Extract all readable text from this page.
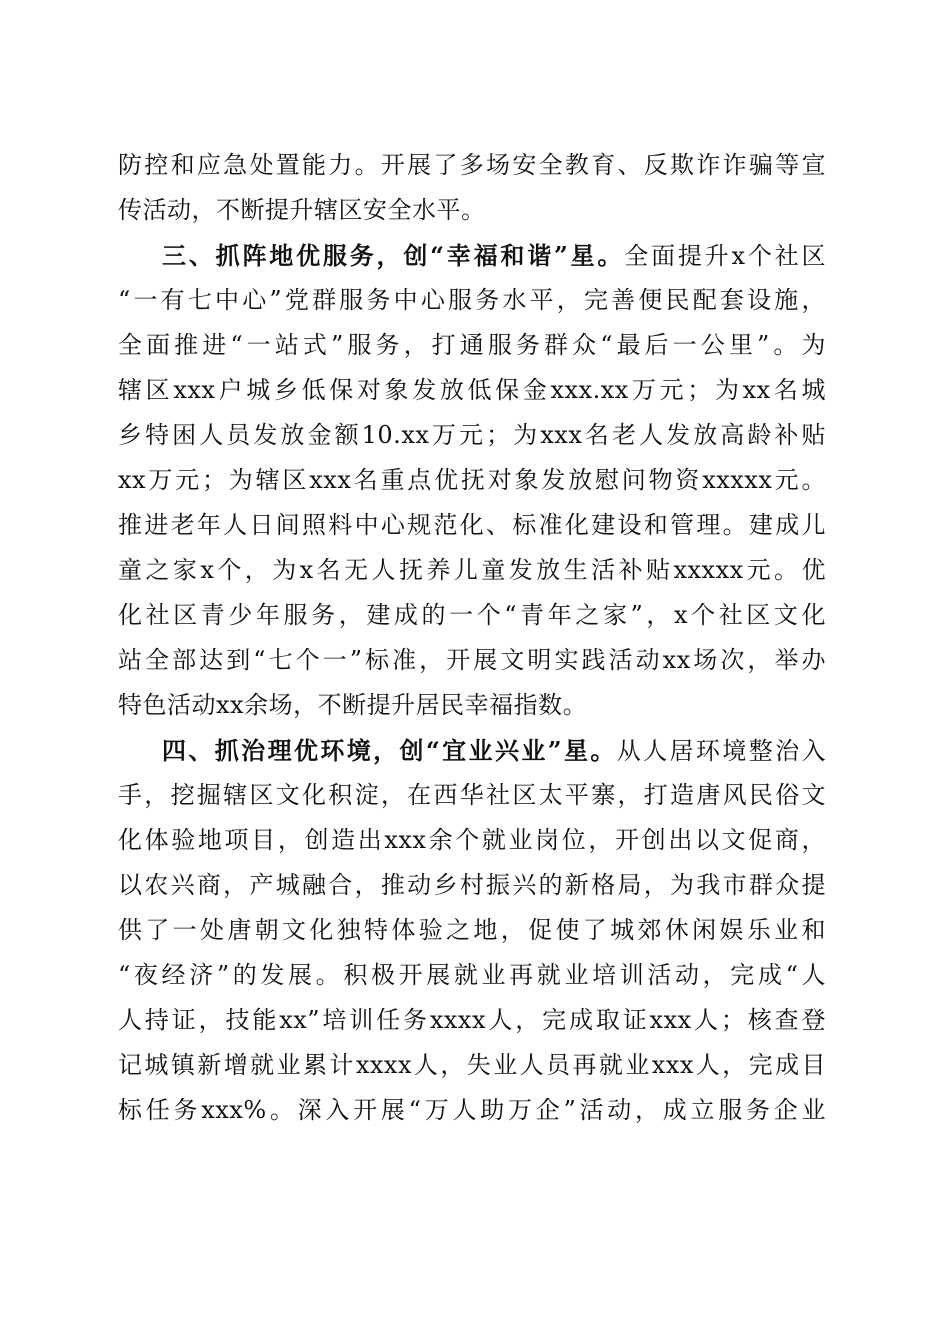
防控和应急处置能力。开展了多场安全教育、反欺诈诈骗等宣
传活动，不断提升辖区安全水平。
三、抓阵地优服务，创“幸福和谐”星。全面提升x个社区
“一有七中心”党群服务中心服务水平，完善便民配套设施，
全面推进“一站式”服务，打通服务群众“最后一公里”。为
辖区xxx户城乡低保对象发放低保金xxx.xx万元；为xx名城
乡特困人员发放金额10.xx万元；为xxx名老人发放高龄补贴
xx万元；为辖区xxx名重点优抚对象发放慰问物资xxxxx元。
推进老年人日间照料中心规范化、标准化建设和管理。建成儿
童之家x个，为x名无人抚养儿童发放生活补贴xxxxx元。优
化社区青少年服务，建成的一个“青年之家”，x个社区文化
站全部达到“七个一”标准，开展文明实践活动xx场次，举办
特色活动xx余场，不断提升居民幸福指数。
四、抓治理优环境，创“宜业兴业”星。从人居环境整治入
手，挖掘辖区文化积淀，在西华社区太平寨，打造唐风民俗文
化体验地项目，创造出xxx余个就业岗位，开创出以文促商，
以农兴商，产城融合，推动乡村振兴的新格局，为我市群众提
供了一处唐朝文化独特体验之地，促使了城郊休闲娱乐业和
“夜经济”的发展。积极开展就业再就业培训活动，完成“人
人持证，技能xx”培训任务xxxx人，完成取证xxx人；核查登
记城镇新增就业累计xxxx人，失业人员再就业xxx人，完成目
标任务xxx%。深入开展“万人助万企”活动，成立服务企业
